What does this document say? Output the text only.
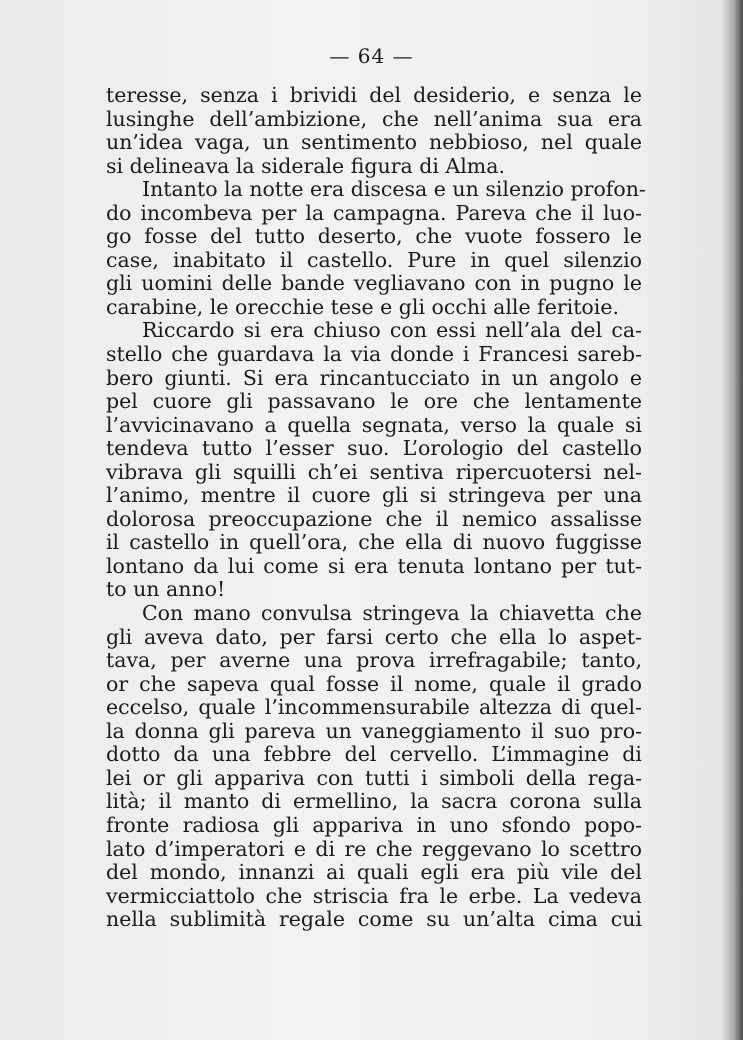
— 64 —
teresse, senza i brividi del desiderio, e senza le
lusinghe dell’ambizione, che nell’anima sua era
un’idea vaga, un sentimento nebbioso, nel quale
si delineava la siderale figura di Alma.
Intanto la notte era discesa e un silenzio profon-
do incombeva per la campagna. Pareva che il luo-
go fosse del tutto deserto, che vuote fossero le
case, inabitato il castello. Pure in quel silenzio
gli uomini delle bande vegliavano con in pugno le
carabine, le orecchie tese e gli occhi alle feritoie.
Riccardo si era chiuso con essi nell’ala del ca-
stello che guardava la via donde i Francesi sareb-
bero giunti. Si era rincantucciato in un angolo e
pel cuore gli passavano le ore che lentamente
l’avvicinavano a quella segnata, verso la quale si
tendeva tutto l’esser suo. L’orologio del castello
vibrava gli squilli ch’ei sentiva ripercuotersi nel-
l’animo, mentre il cuore gli si stringeva per una
dolorosa preoccupazione che il nemico assalisse
il castello in quell’ora, che ella di nuovo fuggisse
lontano da lui come si era tenuta lontano per tut-
to un anno!
Con mano convulsa stringeva la chiavetta che
gli aveva dato, per farsi certo che ella lo aspet-
tava, per averne una prova irrefragabile; tanto,
or che sapeva qual fosse il nome, quale il grado
eccelso, quale l’incommensurabile altezza di quel-
la donna gli pareva un vaneggiamento il suo pro-
dotto da una febbre del cervello. L’immagine di
lei or gli appariva con tutti i simboli della rega-
lità; il manto di ermellino, la sacra corona sulla
fronte radiosa gli appariva in uno sfondo popo-
lato d’imperatori e di re che reggevano lo scettro
del mondo, innanzi ai quali egli era più vile del
vermicciattolo che striscia fra le erbe. La vedeva
nella sublimità regale come su un’alta cima cui
